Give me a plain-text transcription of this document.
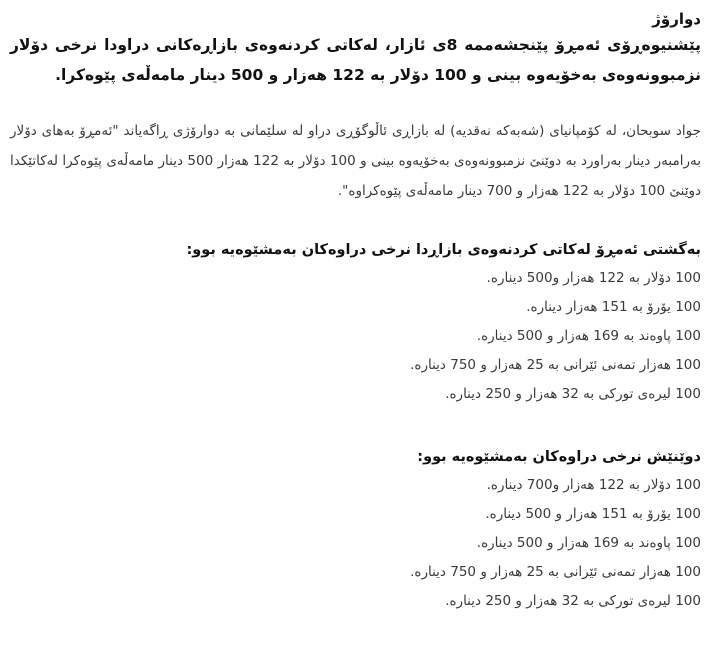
دوارۆژ

پێشنیوەڕۆی ئەمڕۆ پێنجشەممە 8ی ئازار، لەکاتی کردنەوەی بازاڕەکانی دراودا نرخی دۆلار نزمبوونەوەی بەخۆیەوە بینی و 100 دۆلار بە 122 هەزار و 500 دینار مامەڵەی پێوەکرا.

جواد سوبحان، لە کۆمپانیای (شەبەکە نەقدیە) لە بازاڕی ئاڵوگۆڕی دراو لە سلێمانی بە دوارۆژی ڕاگەیاند "ئەمڕۆ بەهای دۆلار بەرامبەر دینار بەراورد بە دوێنێ نزمبوونەوەی بەخۆیەوە بینی و 100 دۆلار بە 122 هەزار 500 دینار مامەڵەی پێوەکرا لەکاتێکدا دوێنێ 100 دۆلار بە 122 هەزار و 700 دینار مامەڵەی پێوەکراوە".

بەگشتی ئەمڕۆ لەکاتی کردنەوەی بازاڕدا نرخی دراوەکان بەمشێوەیە بوو:

100 دۆلار بە 122 هەزار و500 دینارە.
100 یۆرۆ بە 151 هەزار دینارە.
100 پاوەند بە 169 هەزار و 500 دینارە.
100 هەزار تمەنی ئێرانی بە 25 هەزار و 750 دینارە.
100 لیرەی تورکی بە 32 هەزار و 250 دینارە.

دوێنێش نرخی دراوەکان بەمشێوەیە بوو:

100 دۆلار بە 122 هەزار و700 دینارە.
100 یۆرۆ بە 151 هەزار و 500 دینارە.
100 پاوەند بە 169 هەزار و 500 دینارە.
100 هەزار تمەنی ئێرانی بە 25 هەزار و 750 دینارە.
100 لیرەی تورکی بە 32 هەزار و 250 دینارە.
